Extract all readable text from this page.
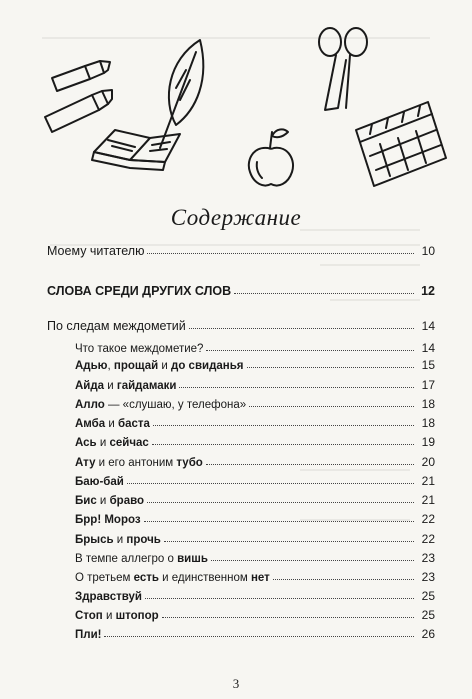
Содержание
Моему читателю	10
СЛОВА СРЕДИ ДРУГИХ СЛОВ	12
По следам междометий	14
Что такое междометие?	14
Адью, прощай и до свиданья	15
Айда и гайдамаки	17
Алло — «слушаю, у телефона»	18
Амба и баста	18
Ась и сейчас	19
Ату и его антоним тубо	20
Баю-бай	21
Бис и браво	21
Брр! Мороз	22
Брысь и прочь	22
В темпе аллегро о вишь	23
О третьем есть и единственном нет	23
Здравствуй	25
Стоп и штопор	25
Пли!	26
3
